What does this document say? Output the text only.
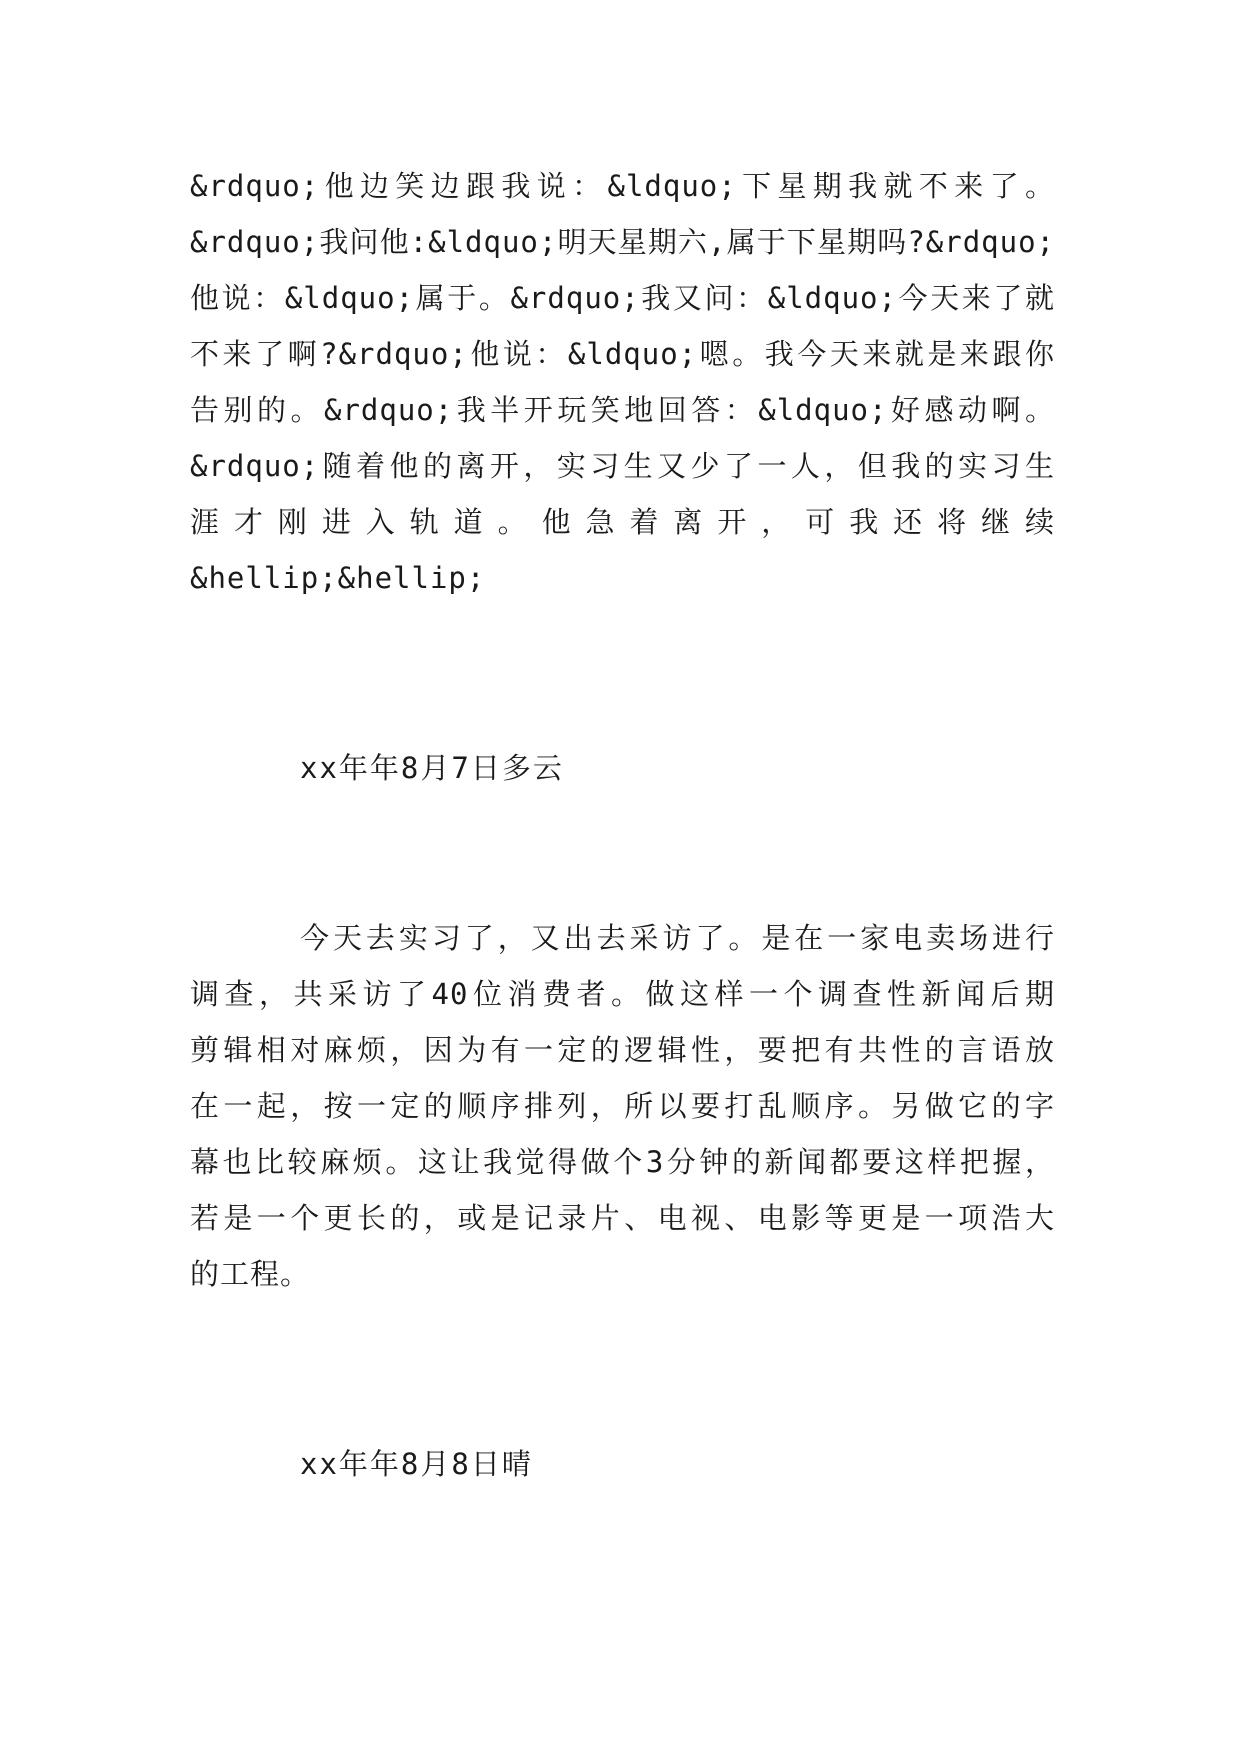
&rdquo;他边笑边跟我说：&ldquo;下星期我就不来了。
&rdquo;我问他:&ldquo;明天星期六,属于下星期吗?&rdquo;
他说：&ldquo;属于。&rdquo;我又问：&ldquo;今天来了就
不来了啊?&rdquo;他说：&ldquo;嗯。我今天来就是来跟你
告别的。&rdquo;我半开玩笑地回答：&ldquo;好感动啊。
&rdquo;随着他的离开，实习生又少了一人，但我的实习生
涯才刚进入轨道。他急着离开，可我还将继续
&hellip;&hellip;
xx年年8月7日多云
今天去实习了，又出去采访了。是在一家电卖场进行
调查，共采访了40位消费者。做这样一个调查性新闻后期
剪辑相对麻烦，因为有一定的逻辑性，要把有共性的言语放
在一起，按一定的顺序排列，所以要打乱顺序。另做它的字
幕也比较麻烦。这让我觉得做个3分钟的新闻都要这样把握，
若是一个更长的，或是记录片、电视、电影等更是一项浩大
的工程。
xx年年8月8日晴
